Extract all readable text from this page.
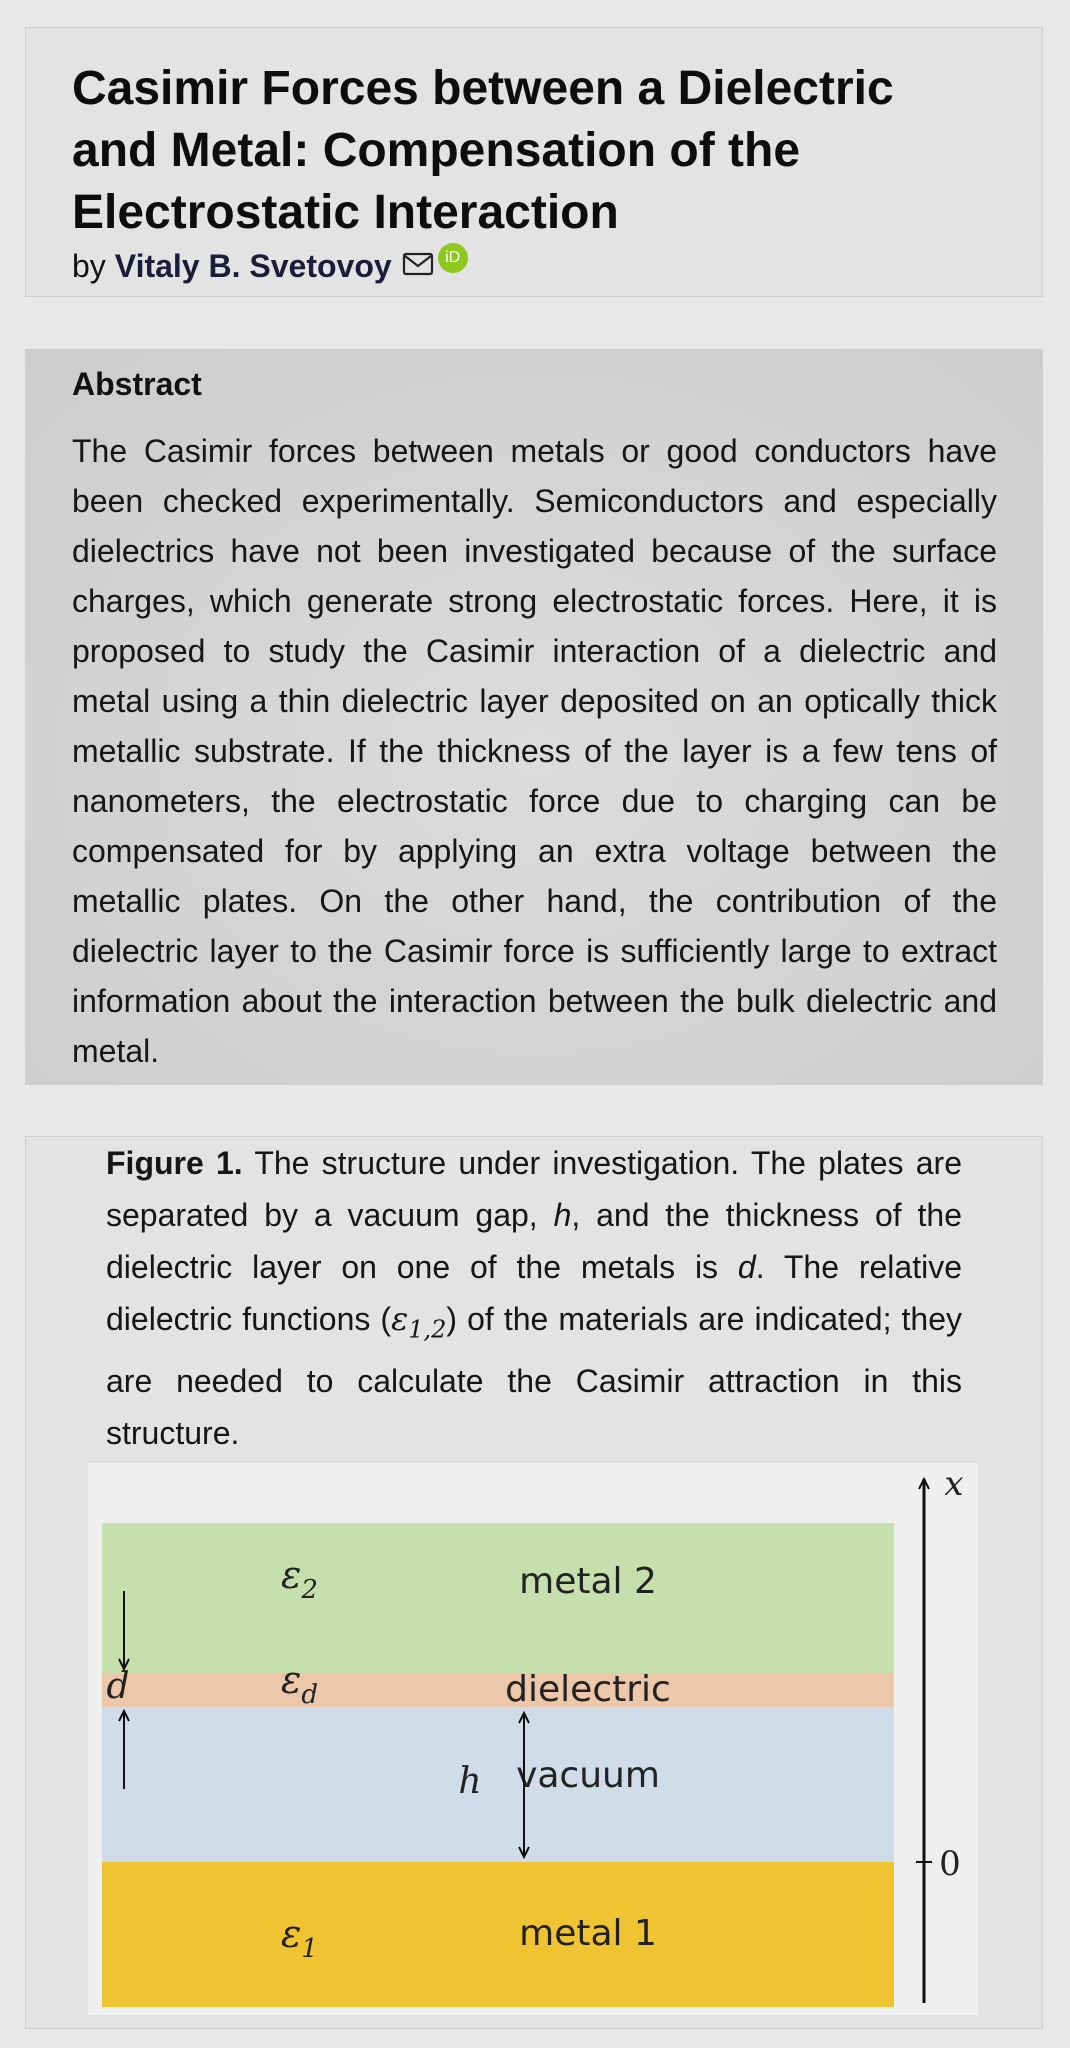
Casimir Forces between a Dielectric and Metal: Compensation of the Electrostatic Interaction
by Vitaly B. Svetovoy	iD
Abstract

The Casimir forces between metals or good conductors have been checked experimentally. Semiconductors and especially dielectrics have not been investigated because of the surface charges, which generate strong electrostatic forces. Here, it is proposed to study the Casimir interaction of a dielectric and metal using a thin dielectric layer deposited on an optically thick metallic substrate. If the thickness of the layer is a few tens of nanometers, the electrostatic force due to charging can be compensated for by applying an extra voltage between the metallic plates. On the other hand, the contribution of the dielectric layer to the Casimir force is sufficiently large to extract information about the interaction between the bulk dielectric and metal.

Figure 1. The structure under investigation. The plates are separated by a vacuum gap, h, and the thickness of the dielectric layer on one of the metals is d. The relative dielectric functions $(\varepsilon_{1,2})$ of the materials are indicated; they are needed to calculate the Casimir attraction in this structure.

metal 2
dielectric
vacuum
metal 1
$\varepsilon_2$
$\varepsilon_d$
$\varepsilon_1$
d
h
x
0
